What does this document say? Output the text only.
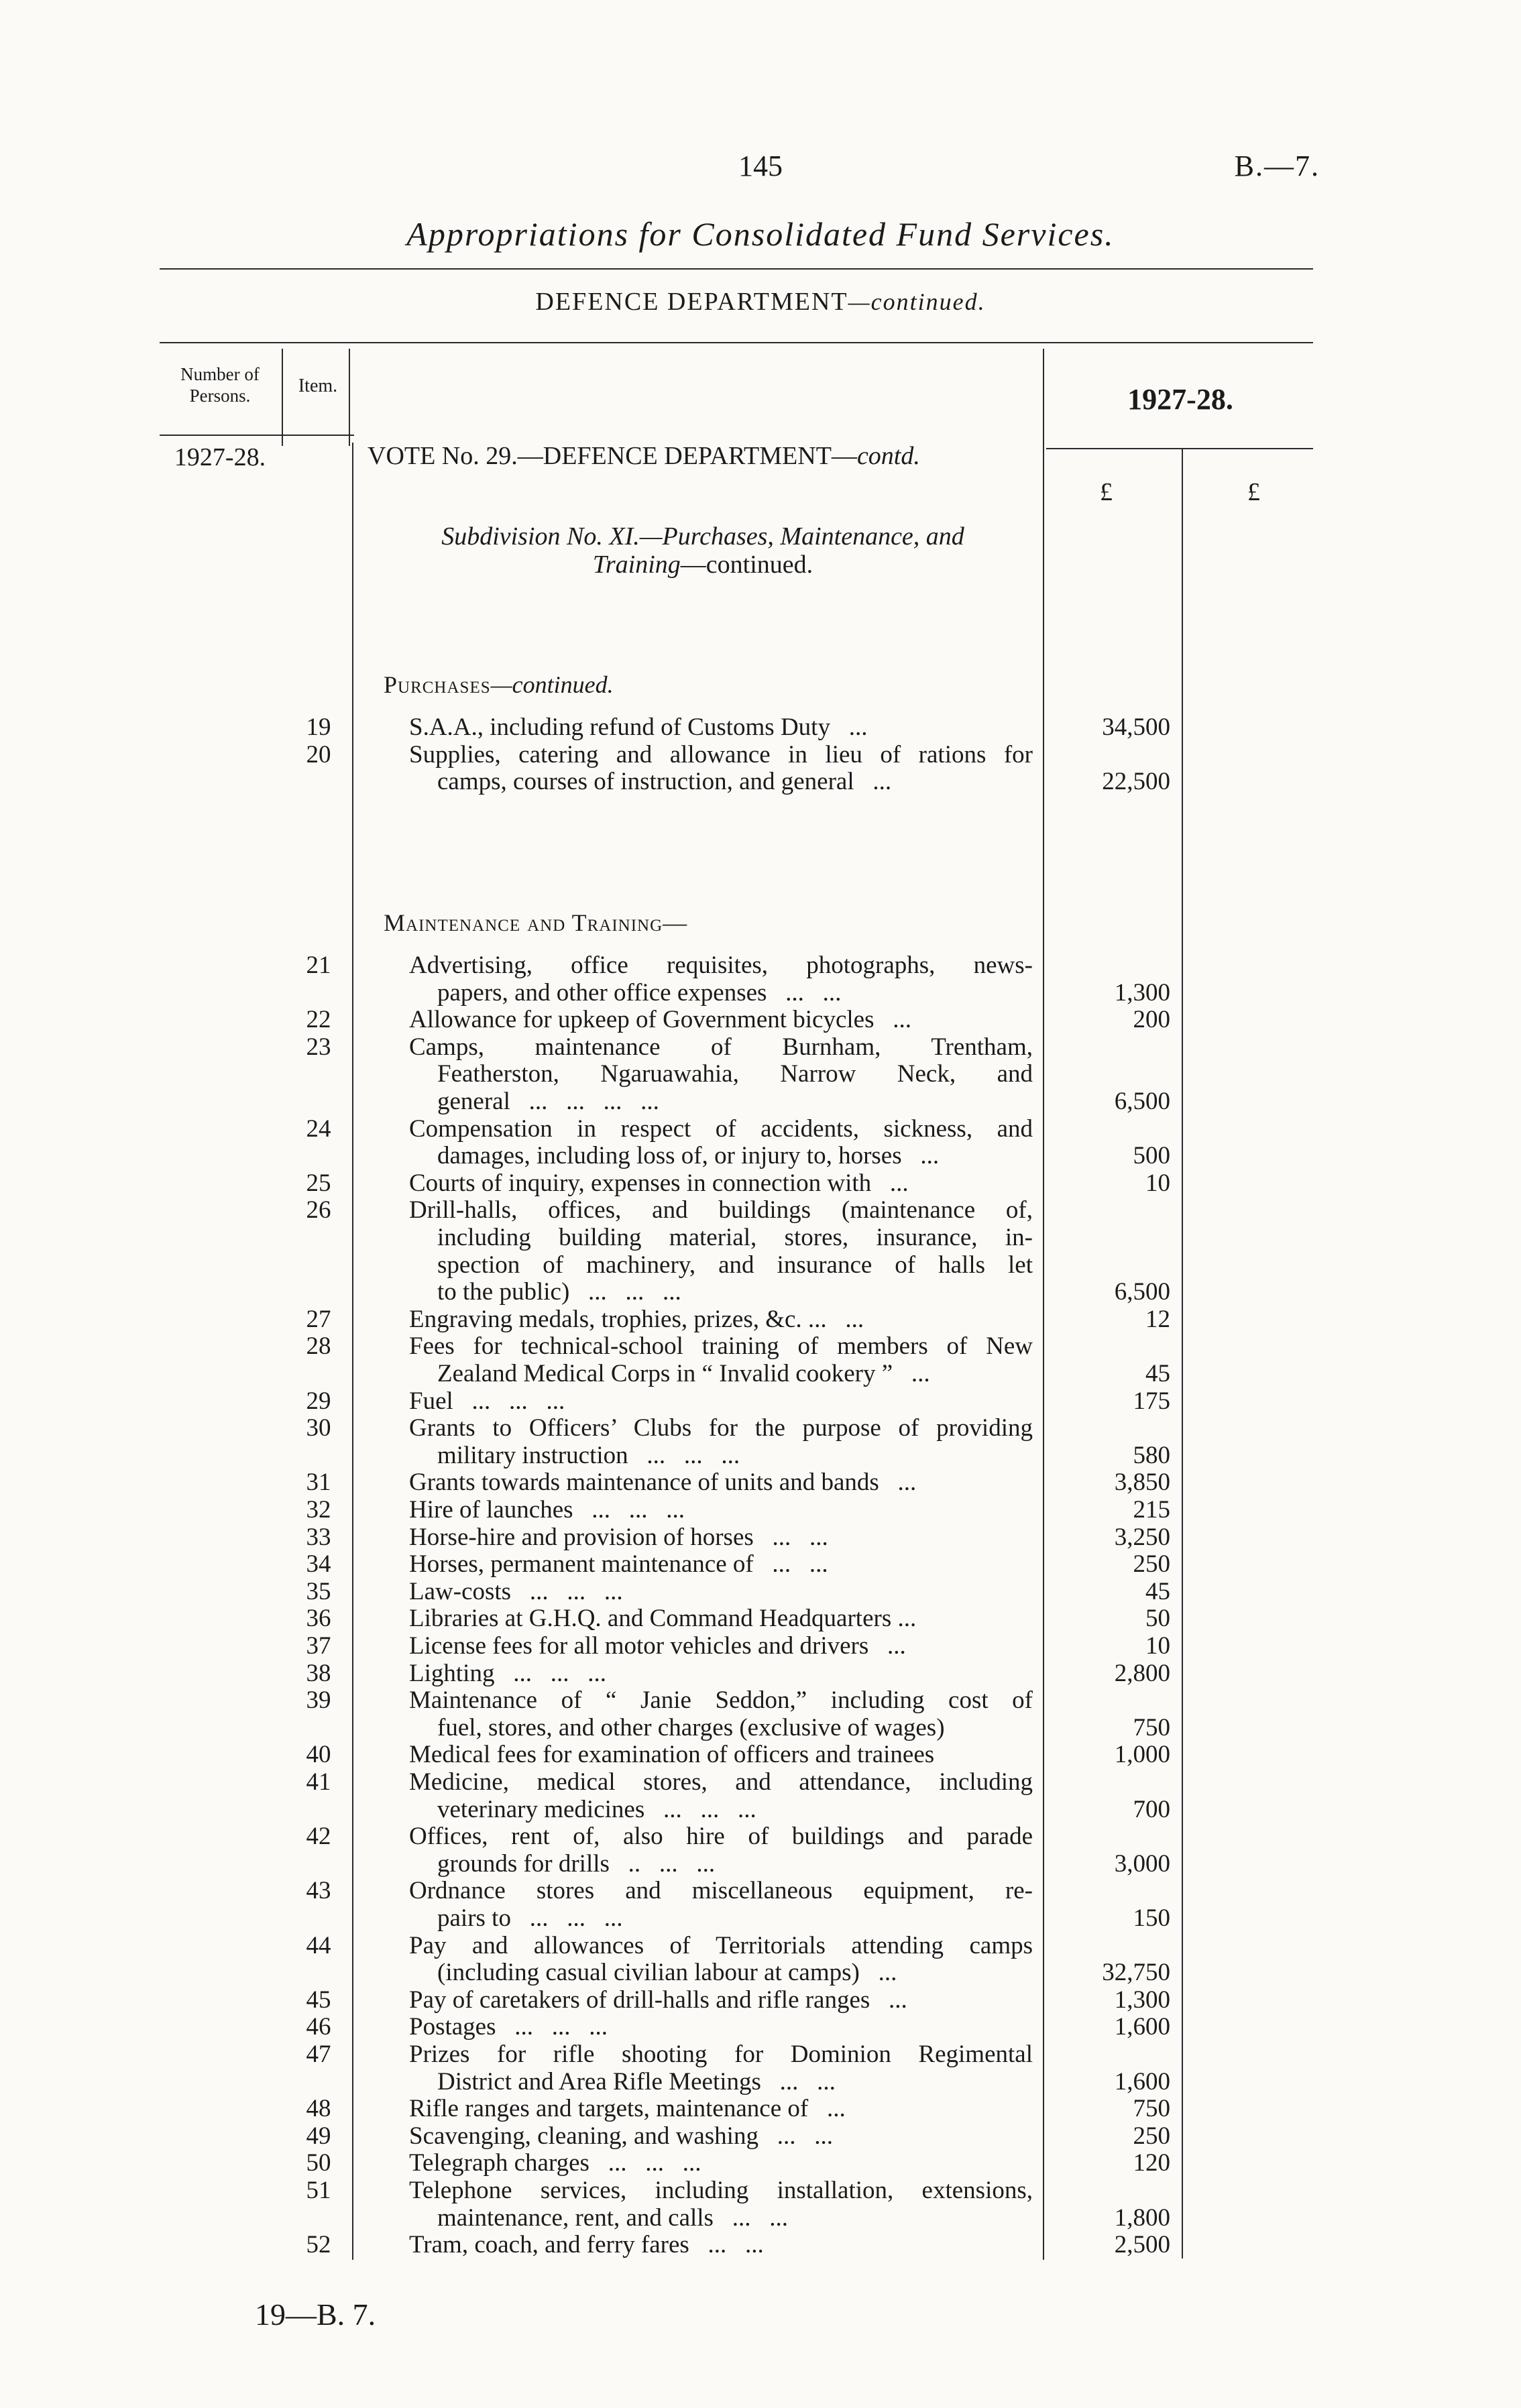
145	B.—7.
Appropriations for Consolidated Fund Services.
DEFENCE DEPARTMENT—continued.
Number of Persons.	Item.	1927-28.
1927-28.	VOTE No. 29.—DEFENCE DEPARTMENT—contd.
£	£
Subdivision No. XI.—Purchases, Maintenance, and
Training—continued.
Purchases—continued.
Maintenance and Training—
19	S.A.A., including refund of Customs Duty   ...	34,500
20	Supplies, catering and allowance in lieu of rations for
camps, courses of instruction, and general   ...	22,500
21	Advertising, office requisites, photographs, news-
papers, and other office expenses   ...   ...	1,300
22	Allowance for upkeep of Government bicycles   ...	200
23	Camps, maintenance of Burnham, Trentham,
Featherston, Ngaruawahia, Narrow Neck, and
general   ...   ...   ...   ...	6,500
24	Compensation in respect of accidents, sickness, and
damages, including loss of, or injury to, horses   ...	500
25	Courts of inquiry, expenses in connection with   ...	10
26	Drill-halls, offices, and buildings (maintenance of,
including building material, stores, insurance, in-
spection of machinery, and insurance of halls let
to the public)   ...   ...   ...	6,500
27	Engraving medals, trophies, prizes, &c. ...   ...	12
28	Fees for technical-school training of members of New
Zealand Medical Corps in “ Invalid cookery ”   ...	45
29	Fuel   ...   ...   ...	175
30	Grants to Officers’ Clubs for the purpose of providing
military instruction   ...   ...   ...	580
31	Grants towards maintenance of units and bands   ...	3,850
32	Hire of launches   ...   ...   ...	215
33	Horse-hire and provision of horses   ...   ...	3,250
34	Horses, permanent maintenance of   ...   ...	250
35	Law-costs   ...   ...   ...	45
36	Libraries at G.H.Q. and Command Headquarters ...	50
37	License fees for all motor vehicles and drivers   ...	10
38	Lighting   ...   ...   ...	2,800
39	Maintenance of “ Janie Seddon,” including cost of
fuel, stores, and other charges (exclusive of wages)	750
40	Medical fees for examination of officers and trainees	1,000
41	Medicine, medical stores, and attendance, including
veterinary medicines   ...   ...   ...	700
42	Offices, rent of, also hire of buildings and parade
grounds for drills   ..   ...   ...	3,000
43	Ordnance stores and miscellaneous equipment, re-
pairs to   ...   ...   ...	150
44	Pay and allowances of Territorials attending camps
(including casual civilian labour at camps)   ...	32,750
45	Pay of caretakers of drill-halls and rifle ranges   ...	1,300
46	Postages   ...   ...   ...	1,600
47	Prizes for rifle shooting for Dominion Regimental
District and Area Rifle Meetings   ...   ...	1,600
48	Rifle ranges and targets, maintenance of   ...	750
49	Scavenging, cleaning, and washing   ...   ...	250
50	Telegraph charges   ...   ...   ...	120
51	Telephone services, including installation, extensions,
maintenance, rent, and calls   ...   ...	1,800
52	Tram, coach, and ferry fares   ...   ...	2,500
19—B. 7.
